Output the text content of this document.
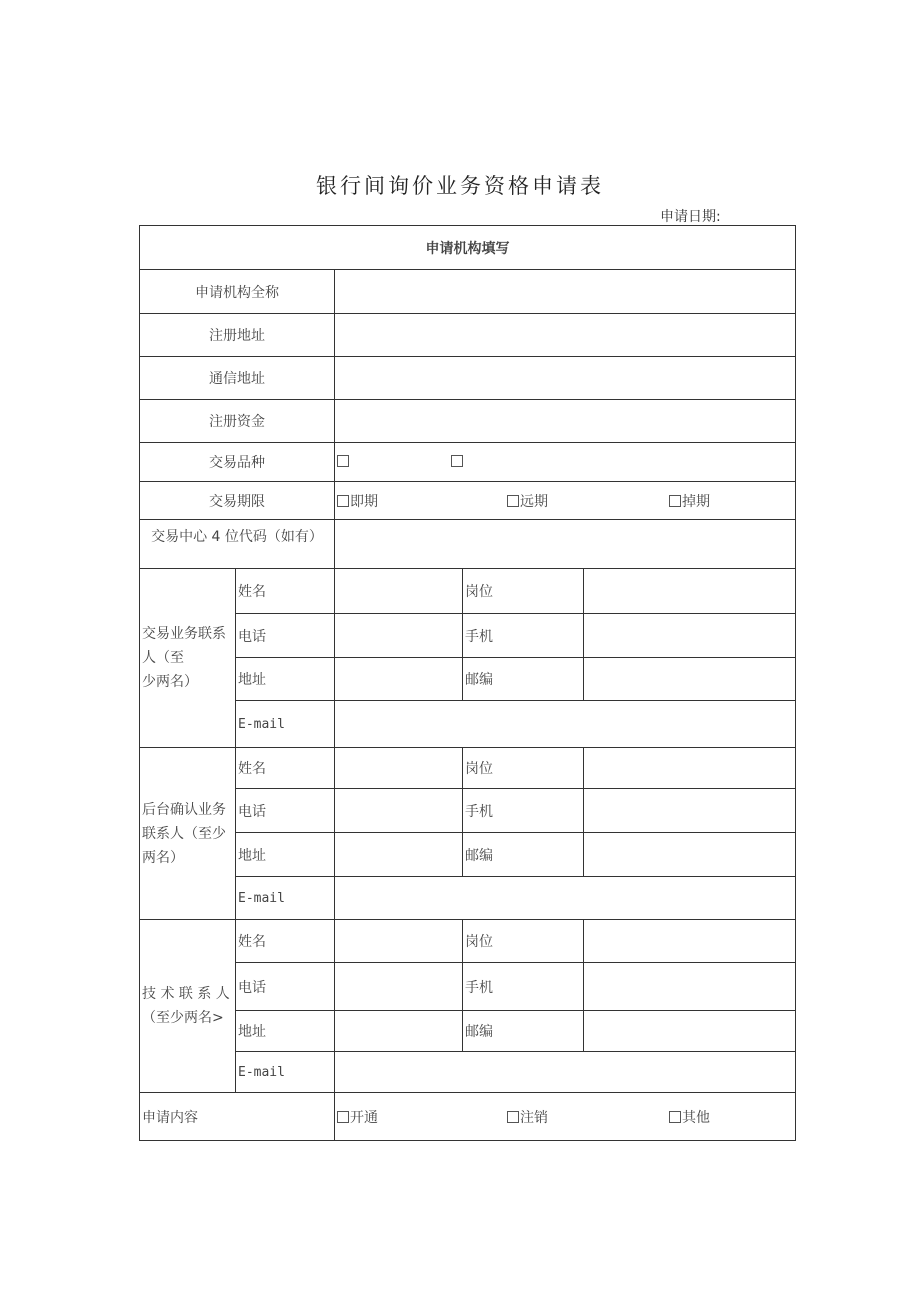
银行间询价业务资格申请表
申请日期:
申请机构填写				
申请机构全称				
注册地址				
通信地址				
注册资金				
交易品种				

交易期限		即期 远期 掉期		

交易中心 4 位代码（如有）				

交易业务联系
人（至
少两名）	姓名		岗位	
	电话		手机	
	地址		邮编	
	E-mail			

后台确认业务
联系人（至少
两名）	姓名		岗位	
	电话		手机	
	地址		邮编	
	E-mail			

技 术 联 系 人
（至少两名>	姓名		岗位	
	电话		手机	
	地址		邮编	
	E-mail			
申请内容		开通 注销 其他		
